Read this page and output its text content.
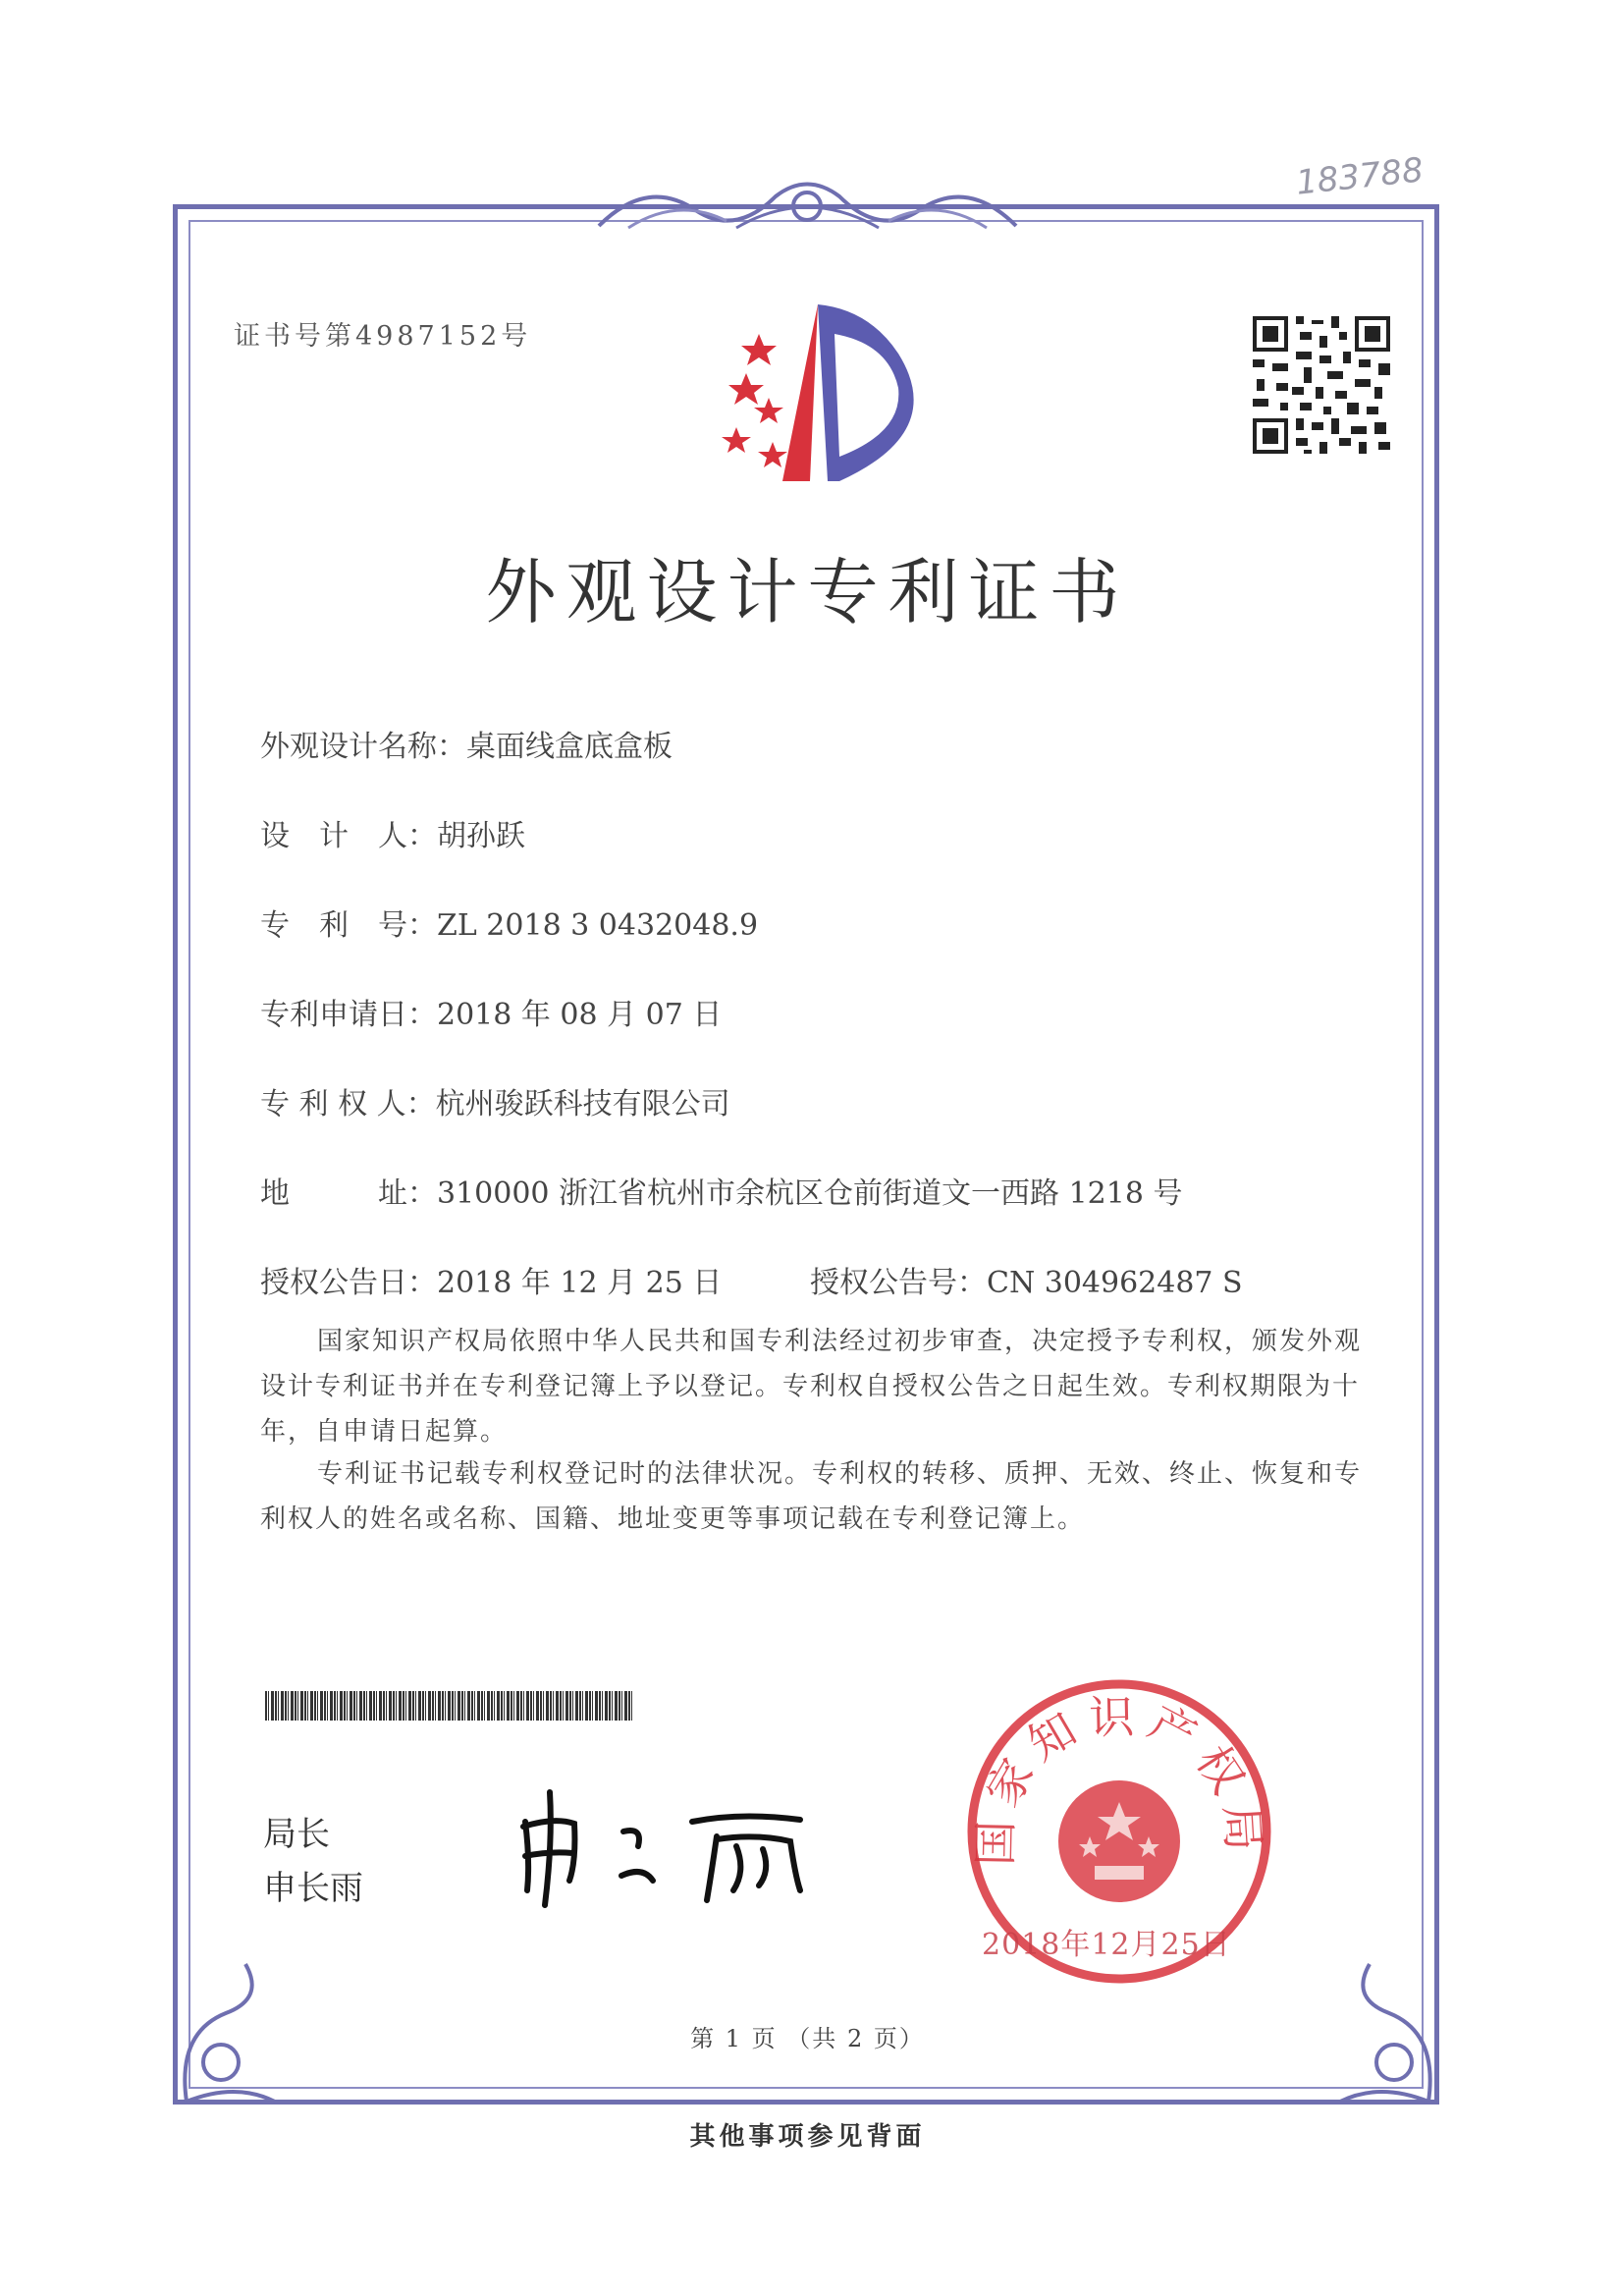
183788
证书号第4987152号
外观设计专利证书
外观设计名称：桌面线盒底盒板
设　计　人：胡孙跃
专　利　号：ZL 2018 3 0432048.9
专利申请日：2018 年 08 月 07 日
专 利 权 人：杭州骏跃科技有限公司
地　　　址：310000 浙江省杭州市余杭区仓前街道文一西路 1218 号
授权公告日：2018 年 12 月 25 日	授权公告号：CN 304962487 S
国家知识产权局依照中华人民共和国专利法经过初步审查，决定授予专利权，颁发外观设计专利证书并在专利登记簿上予以登记。专利权自授权公告之日起生效。专利权期限为十年，自申请日起算。
专利证书记载专利权登记时的法律状况。专利权的转移、质押、无效、终止、恢复和专利权人的姓名或名称、国籍、地址变更等事项记载在专利登记簿上。
局长
申长雨
国家知识产权局
2018年12月25日
第 1 页 （共 2 页）
其他事项参见背面
